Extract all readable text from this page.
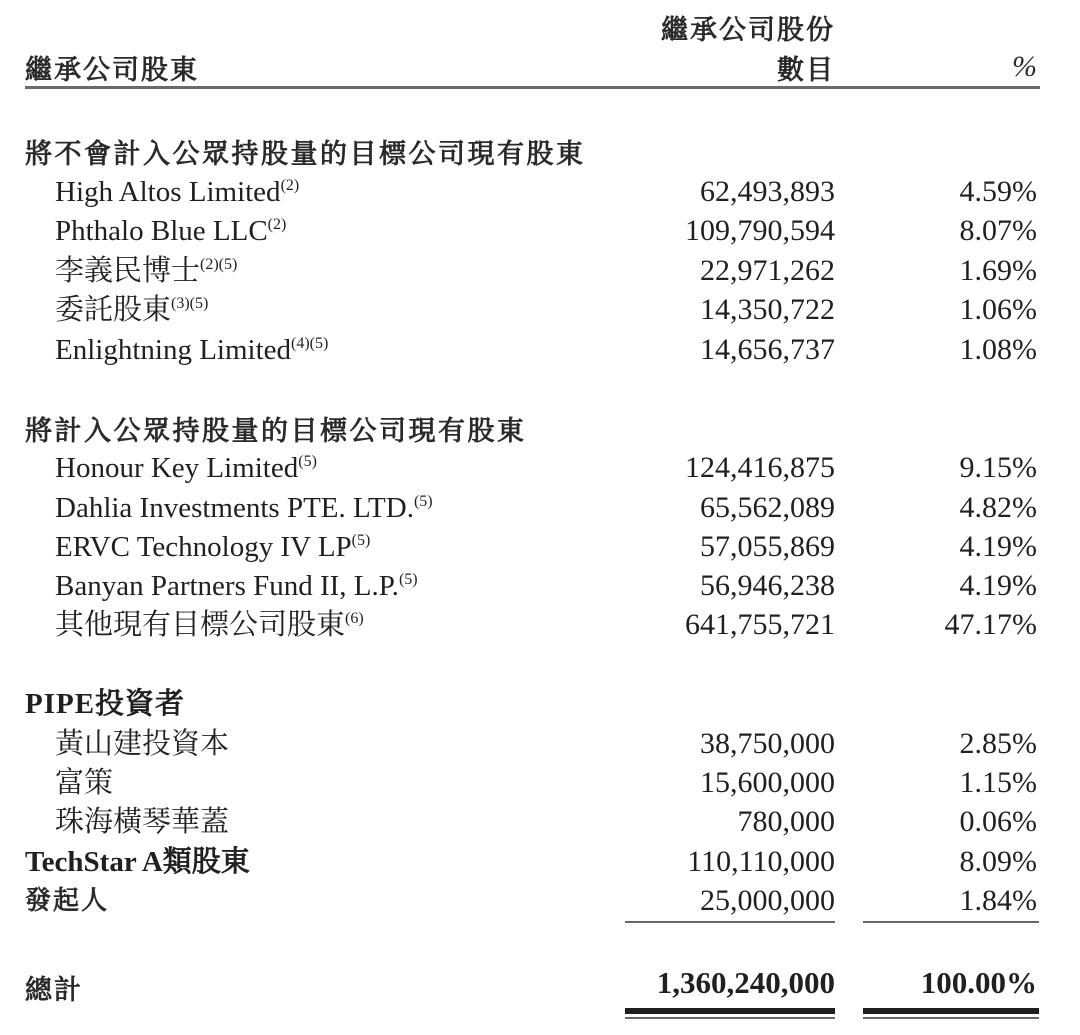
繼承公司股東
繼承公司股份
數目	%
將不會計入公眾持股量的目標公司現有股東
High Altos Limited$^{(2)}$	62,493,893	4.59%
Phthalo Blue LLC$^{(2)}$	109,790,594	8.07%
李義民博士$^{(2)(5)}$	22,971,262	1.69%
委託股東$^{(3)(5)}$	14,350,722	1.06%
Enlightning Limited$^{(4)(5)}$	14,656,737	1.08%
將計入公眾持股量的目標公司現有股東
Honour Key Limited$^{(5)}$	124,416,875	9.15%
Dahlia Investments PTE. LTD.$^{(5)}$	65,562,089	4.82%
ERVC Technology IV LP$^{(5)}$	57,055,869	4.19%
Banyan Partners Fund II, L.P.$^{(5)}$	56,946,238	4.19%
其他現有目標公司股東$^{(6)}$	641,755,721	47.17%
PIPE投資者
黃山建投資本	38,750,000	2.85%
富策	15,600,000	1.15%
珠海橫琴華蓋	780,000	0.06%
TechStar A類股東	110,110,000	8.09%
發起人	25,000,000	1.84%
總計	1,360,240,000	100.00%
